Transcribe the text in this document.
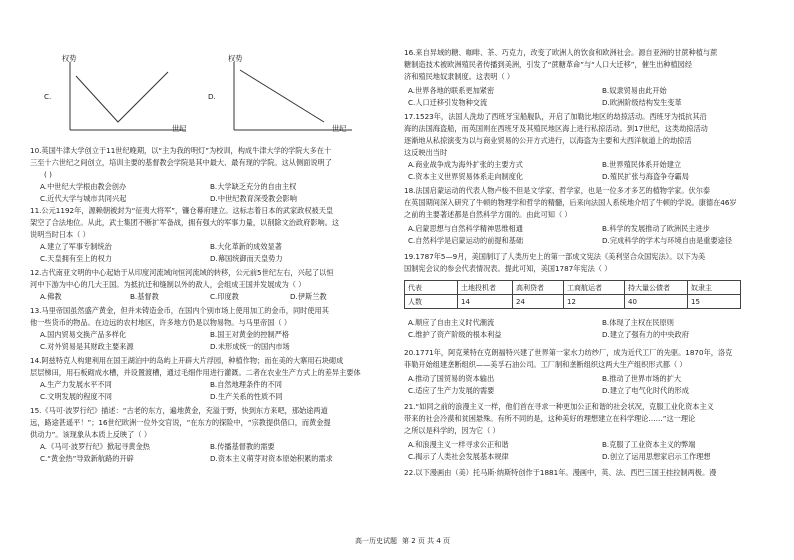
权势
C.
世纪
权势
D.
世纪
10.英国牛津大学创立于11世纪晚期，以“主为我的明灯”为校训，构成牛津大学的学院大多在十
三至十六世纪之间创立，培训主要的基督教会学院是其中最大、最有现的学院。这从侧面说明了
( )
A.中世纪大学根由教会创办	B.大学缺乏充分的自由主权
C.近代大学与城市共同兴起	D.中世纪教育深受教会影响
11.公元1192年，源赖朝被封为“征夷大将军”，镰仓幕府建立。这标志着日本的武家政权被天皇
架空了合法地位。从此，武士集团不断扩军备战，拥有强大的军事力量，以削除文治政府影响。这
说明当时日本（ ）
A.建立了军事专制统治	B.大化革新的成效显著
C.天皇拥有至上的权力	D.幕国统御而天皇势力
12.古代南亚文明的中心起始于从印度河流域向恒河流域的转移，公元前5世纪左右，兴起了以恒
河中下游为中心的几大王国。为抵抗迁和缝制以外的敌人，会组成王国并发展成为（ ）
A.佛教	B.基督教	C.印度教	D.伊斯兰教
13.马里帝国虽然盛产黄金，但并未铸造金币，在国内个别市场上使用加工的金币，同时使用其
他一些货币的物品。在边远的农村地区，许多地方仍是以物易物。与马里帝国（ ）
A.国内贸易交换产品多样化	B.国王对黄金的控制严格
C.对外贸易是其财政主要来源	D.未形成统一的国内市场
14.阿兹特克人构建利用在国王湖泊中的岛屿上开辟大片浮园，种植作物；而在美的大寨用石块砌成
层层梯田，用石板砌成水槽，并设置渡槽，通过毛细作用进行灌溉。二者在农业生产方式上的差异主要体
A.生产力发展水平不同	B.自然地理条件的不同
C.文明发展的程度不同	D.生产关系的性质不同
15.《马可·波罗行纪》描述：“古老的东方，遍地黄金，充溢于野，快到东方来吧，那始途两道
远，路途甚遥平！”；16世纪欧洲一位外交官说，“在东方的探险中，“宗教提供借口，而黄金提
供动力”。该现象从本质上反映了（ ）
A.《马可·波罗行纪》掀起寻黄金热	B.传播基督教的需要
C.“黄金热”导致新航路的开辟	D.资本主义萌芽对资本原始积累的需求
16.来自异域的糖、咖啡、茶、巧克力，改变了欧洲人的饮食和欧洲社会。源自亚洲的甘蔗种植与蔗
糖制造技术被欧洲殖民者传播到美洲，引发了“蔗糖革命”与“人口大迁移”，催生出种植园经
济和殖民地奴隶制度。这表明（ ）
A.世界各地的联系更加紧密	B.奴隶贸易由此开始
C.人口迁移引发物种交流	D.欧洲阶级结构发生变革
17.1523年，法国人洗劫了西班牙宝船舰队，开启了加勒比地区的劫掠活动。西班牙为抵抗其沿
海的法国海盗船，而英国则在西班牙及其殖民地区海上进行私掠活动。到17世纪，这类劫掠活动
逐渐地从私掠演变为以与商业贸易的公开方式进行，以海盗为主要和大西洋航道上的劫掠活
这反映出当时
A.商业战争成为海外扩张的主要方式	B.世界殖民体系开始建立
C.资本主义世界贸易体系走向制度化	D.殖民扩张与海盗争夺霸局
18.法国启蒙运动的代表人物卢梭不但是文学家、哲学家，也是一位多才多艺的植物学家。伏尔泰
在英国期间深入研究了牛顿的物理学和哲学的精髓，后来向法国人系统地介绍了牛顿的学说。康德在46岁
之前的主要著述都是自然科学方面的。由此可知（ ）
A.启蒙思想与自然科学精神思维相通	B.科学的发展推动了欧洲民主进步
C.自然科学是启蒙运动的前提和基础	D.完成科学的学术与环境自由是重要途径
19.1787年5—9月，美国制订了人类历史上的第一部成文宪法《美利坚合众国宪法》。以下为美
国制宪会议的参会代表情况表。提此可知，美国1787年宪法（ ）
代表	土地投机者	高利贷者	工商航运者	持大量公债者	奴隶主
人数	14	24	12	40	15
A.顺应了自由主义时代潮流	B.体现了主权在民原则
C.维护了资产阶级的根本利益	D.建立了强有力的中央政府
20.1771年，阿克莱特在克朗福特兴建了世界第一家水力纺纱厂，成为近代工厂的先驱。1870年，洛克
菲勒开始组建垄断组织——美孚石油公司。工厂制和垄断组织这两大生产组织形式都（ ）
A.推动了国贸易的资本输出	B.推动了世界市场的扩大
C.适应了生产力发展的需要	D.建立了电气化时代的形成
21.“如同之前的浪漫主义一样，他们首在寻求一种更加公正和谐的社会状况，克服工业化资本主义
带来的社会冷漠和贫困悬殊。有所不同的是，这种美好的理想建立在科学理论……”这一理论
之所以是科学的，因为它（ ）
A.和浪漫主义一样寻求公正和谐	B.克服了工业资本主义的弊端
C.揭示了人类社会发展基本规律	D.创立了运用思想家启示工作理想
22.以下漫画由（美）托马斯·纳斯特创作于1881年。漫画中，英、法、西巴三国王挂拉制两极。漫
高一历史试题 第 2 页 共 4 页
